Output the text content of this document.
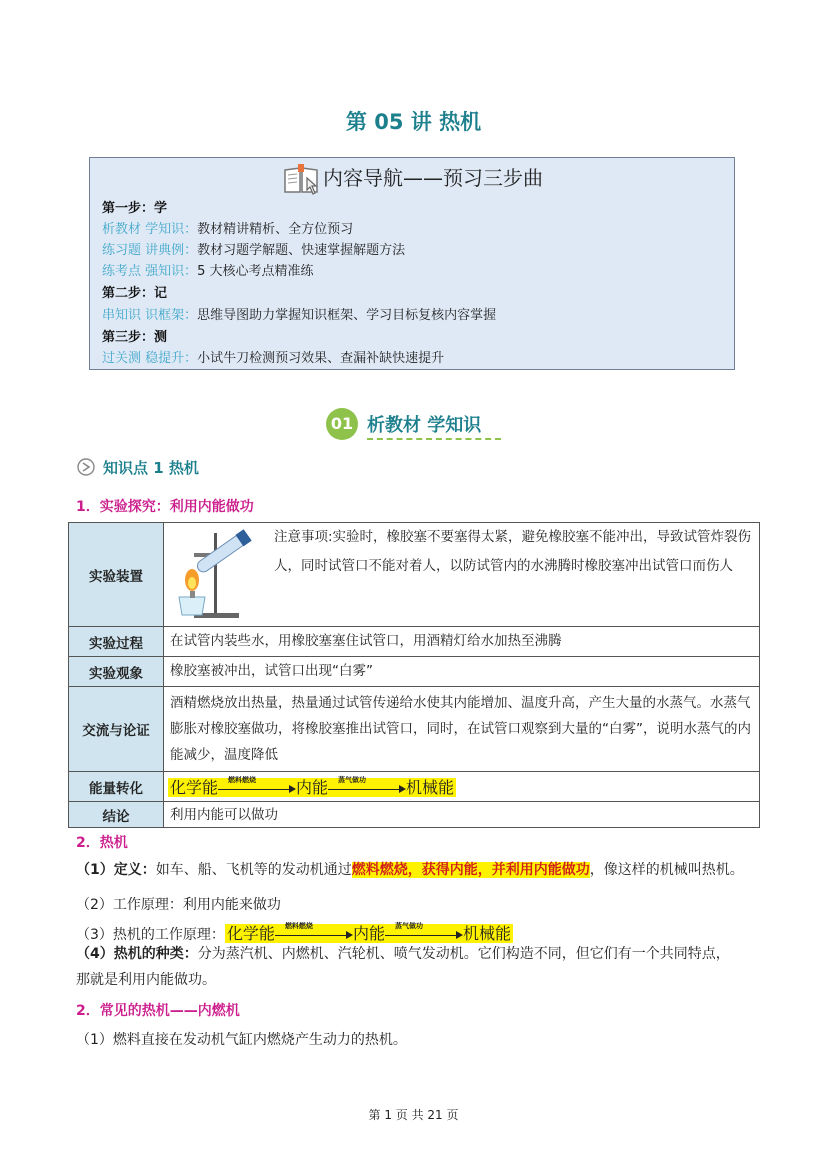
第 05 讲 热机
内容导航——预习三步曲
第一步：学
析教材 学知识：教材精讲精析、全方位预习
练习题 讲典例：教材习题学解题、快速掌握解题方法
练考点 强知识：5 大核心考点精准练
第二步：记
串知识 识框架：思维导图助力掌握知识框架、学习目标复核内容掌握
第三步：测
过关测 稳提升：小试牛刀检测预习效果、查漏补缺快速提升
01 析教材 学知识
知识点 1 热机
1．实验探究：利用内能做功
实验装置	注意事项:实验时，橡胶塞不要塞得太紧，避免橡胶塞不能冲出，导致试管炸裂伤人，同时试管口不能对着人，以防试管内的水沸腾时橡胶塞冲出试管口而伤人

实验过程	在试管内装些水，用橡胶塞塞住试管口，用酒精灯给水加热至沸腾
实验观象	橡胶塞被冲出，试管口出现“白雾”
交流与论证	酒精燃烧放出热量，热量通过试管传递给水使其内能增加、温度升高，产生大量的水蒸气。水蒸气膨胀对橡胶塞做功，将橡胶塞推出试管口，同时，在试管口观察到大量的“白雾”，说明水蒸气的内能减少，温度降低
能量转化	化学能 燃料燃烧 内能 蒸气做功 机械能
结论	利用内能可以做功
2．热机
（1）定义：如车、船、飞机等的发动机通过燃料燃烧，获得内能，并利用内能做功，像这样的机械叫热机。
（2）工作原理：利用内能来做功
（3）热机的工作原理： 化学能 燃料燃烧	内能 蒸气做功	机械能
（4）热机的种类：分为蒸汽机、内燃机、汽轮机、喷气发动机。它们构造不同，但它们有一个共同特点，
那就是利用内能做功。
2．常见的热机——内燃机
（1）燃料直接在发动机气缸内燃烧产生动力的热机。
第 1 页 共 21 页
